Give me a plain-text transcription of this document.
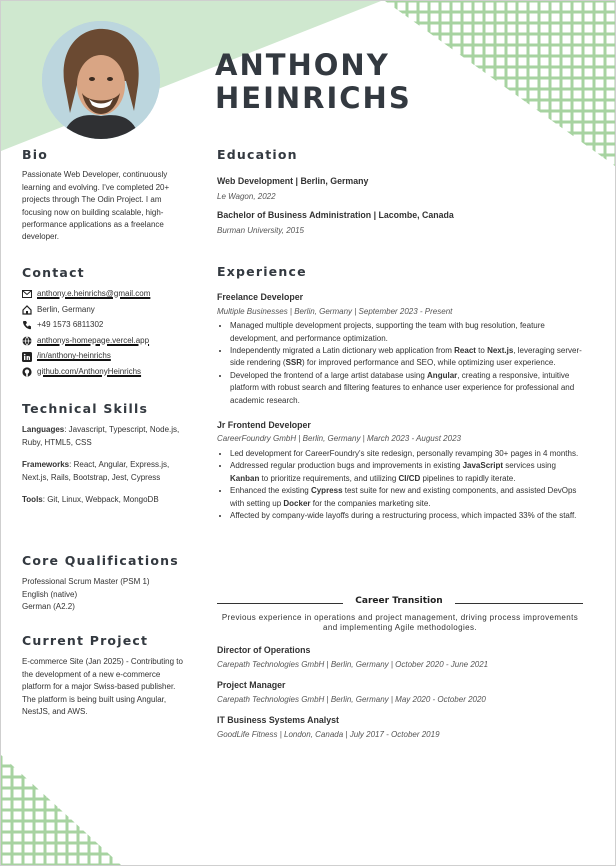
ANTHONY
HEINRICHS
Bio
Passionate Web Developer, continuously learning and evolving. I've completed 20+ projects through The Odin Project. I am focusing now on building scalable, high-performance applications as a freelance developer.
Contact
anthony.e.heinrichs@gmail.com
Berlin, Germany
+49 1573 6811302
anthonys-homepage.vercel.app
/in/anthony-heinrichs
github.com/AnthonyHeinrichs
Technical Skills
Languages: Javascript, Typescript, Node.js, Ruby, HTML5, CSS
Frameworks: React, Angular, Express.js, Next.js, Rails, Bootstrap, Jest, Cypress
Tools: Git, Linux, Webpack, MongoDB
Core Qualifications
Professional Scrum Master (PSM 1)
English (native)
German (A2.2)
Current Project
E-commerce Site (Jan 2025) - Contributing to the development of a new e-commerce platform for a major Swiss-based publisher. The platform is being built using Angular, NestJS, and AWS.
Education
Web Development | Berlin, Germany
Le Wagon, 2022
Bachelor of Business Administration | Lacombe, Canada
Burman University, 2015
Experience
Freelance Developer
Multiple Businesses | Berlin, Germany | September 2023 - Present
• Managed multiple development projects, supporting the team with bug resolution, feature development, and performance optimization.
• Independently migrated a Latin dictionary web application from React to Next.js, leveraging server-side rendering (SSR) for improved performance and SEO, while optimizing user experience.
• Developed the frontend of a large artist database using Angular, creating a responsive, intuitive platform with robust search and filtering features to enhance user experience for professional and academic research.
Jr Frontend Developer
CareerFoundry GmbH | Berlin, Germany | March 2023 - August 2023
• Led development for CareerFoundry's site redesign, personally revamping 30+ pages in 4 months.
• Addressed regular production bugs and improvements in existing JavaScript services using Kanban to prioritize requirements, and utilizing CI/CD pipelines to rapidly iterate.
• Enhanced the existing Cypress test suite for new and existing components, and assisted DevOps with setting up Docker for the companies marketing site.
• Affected by company-wide layoffs during a restructuring process, which impacted 33% of the staff.
Career Transition
Previous experience in operations and project management, driving process improvements and implementing Agile methodologies.
Director of Operations
Carepath Technologies GmbH | Berlin, Germany | October 2020 - June 2021
Project Manager
Carepath Technologies GmbH | Berlin, Germany | May 2020 - October 2020
IT Business Systems Analyst
GoodLife Fitness | London, Canada | July 2017 - October 2019
